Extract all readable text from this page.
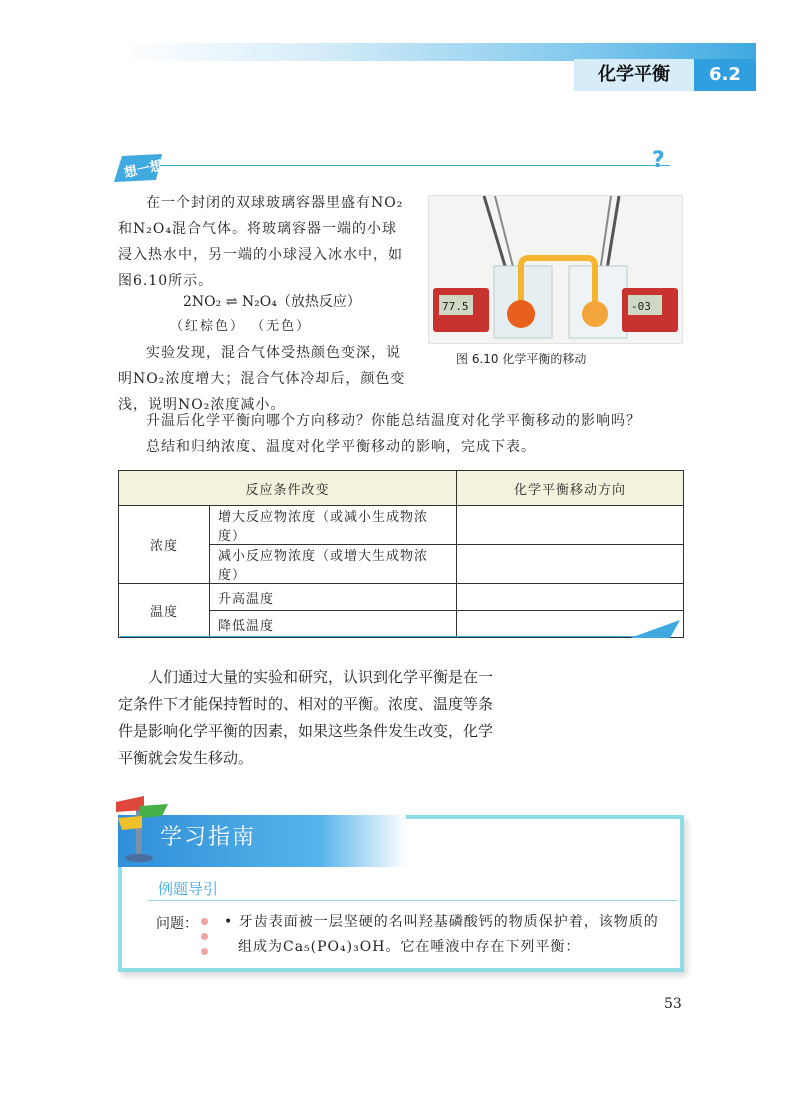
化学平衡	6.2
想一想	?

在一个封闭的双球玻璃容器里盛有NO₂和N₂O₄混合气体。将玻璃容器一端的小球浸入热水中，另一端的小球浸入冰水中，如图6.10所示。

2NO₂ ⇌ N₂O₄（放热反应）
（红棕色） （无色）

实验发现，混合气体受热颜色变深，说明NO₂浓度增大；混合气体冷却后，颜色变浅，说明NO₂浓度减小。

77.5	-03
图 6.10 化学平衡的移动

升温后化学平衡向哪个方向移动？你能总结温度对化学平衡移动的影响吗？

总结和归纳浓度、温度对化学平衡移动的影响，完成下表。

反应条件改变		化学平衡移动方向
浓度	增大反应物浓度（或减小生成物浓度）	
	减小反应物浓度（或增大生成物浓度）	
温度	升高温度	
	降低温度	

人们通过大量的实验和研究，认识到化学平衡是在一定条件下才能保持暂时的、相对的平衡。浓度、温度等条件是影响化学平衡的因素，如果这些条件发生改变，化学平衡就会发生移动。

学习指南
例题导引
问题： • 牙齿表面被一层坚硬的名叫羟基磷酸钙的物质保护着，该物质的

组成为Ca₅(PO₄)₃OH。它在唾液中存在下列平衡：

53
